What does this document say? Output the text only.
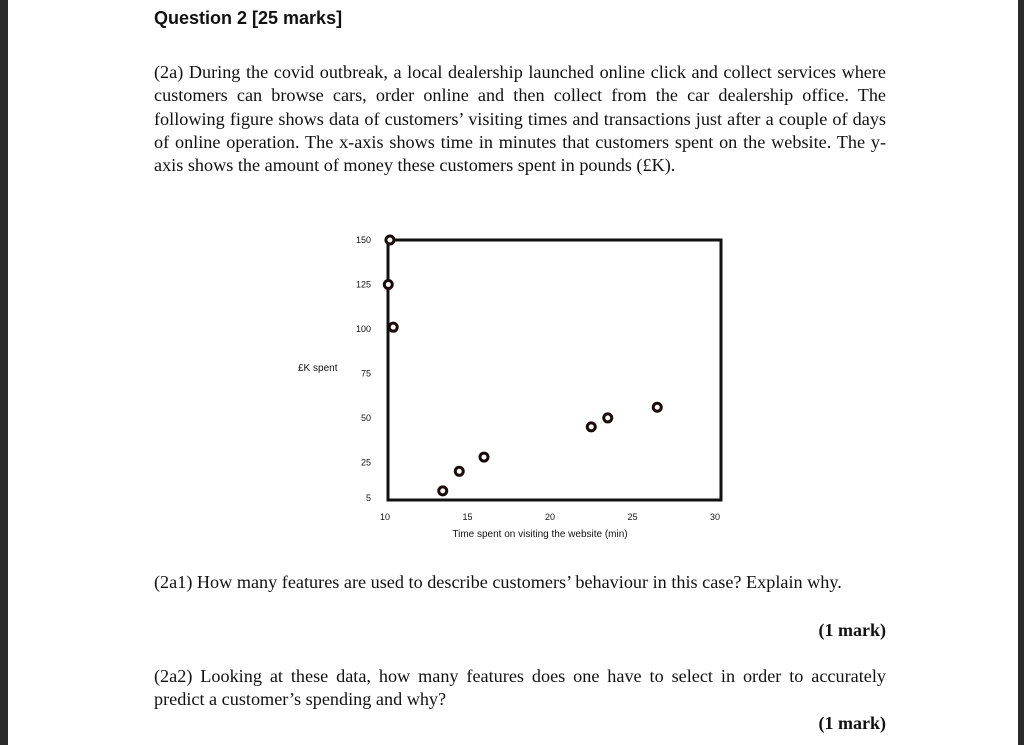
Question 2 [25 marks]

(2a) During the covid outbreak, a local dealership launched online click and collect services where customers can browse cars, order online and then collect from the car dealership office. The following figure shows data of customers’ visiting times and transactions just after a couple of days of online operation. The x-axis shows time in minutes that customers spent on the website. The y-axis shows the amount of money these customers spent in pounds (£K).

5
25
50
75
100
125
150
10	15	20	25	30
£K spent
Time spent on visiting the website (min)

(2a1) How many features are used to describe customers’ behaviour in this case? Explain why.

(1 mark)

(2a2) Looking at these data, how many features does one have to select in order to accurately predict a customer’s spending and why?

(1 mark)
